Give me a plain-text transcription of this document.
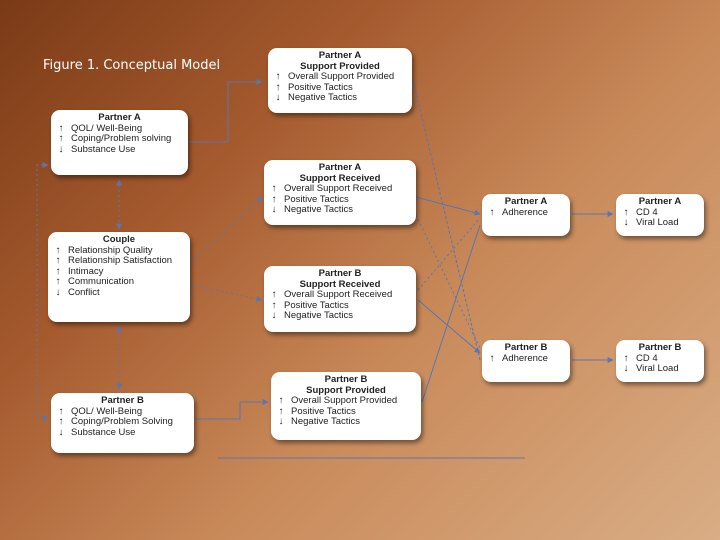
Figure 1. Conceptual Model
Partner A
Support Provided
↑ Overall Support Provided
↑ Positive Tactics
↓ Negative Tactics
Partner A
↑ QOL/ Well-Being
↑ Coping/Problem solving
↓ Substance Use
Partner A
Support Received
↑ Overall Support Received
↑ Positive Tactics
↓ Negative Tactics
Couple
↑ Relationship Quality
↑ Relationship Satisfaction
↑ Intimacy
↑ Communication
↓ Conflict
Partner B
Support Received
↑ Overall Support Received
↑ Positive Tactics
↓ Negative Tactics
Partner B
↑ QOL/ Well-Being
↑ Coping/Problem Solving
↓ Substance Use
Partner B
Support Provided
↑ Overall Support Provided
↑ Positive Tactics
↓ Negative Tactics
Partner A
↑ Adherence
Partner B
↑ Adherence
Partner A
↑ CD 4
↓ Viral Load
Partner B
↑ CD 4
↓ Viral Load
